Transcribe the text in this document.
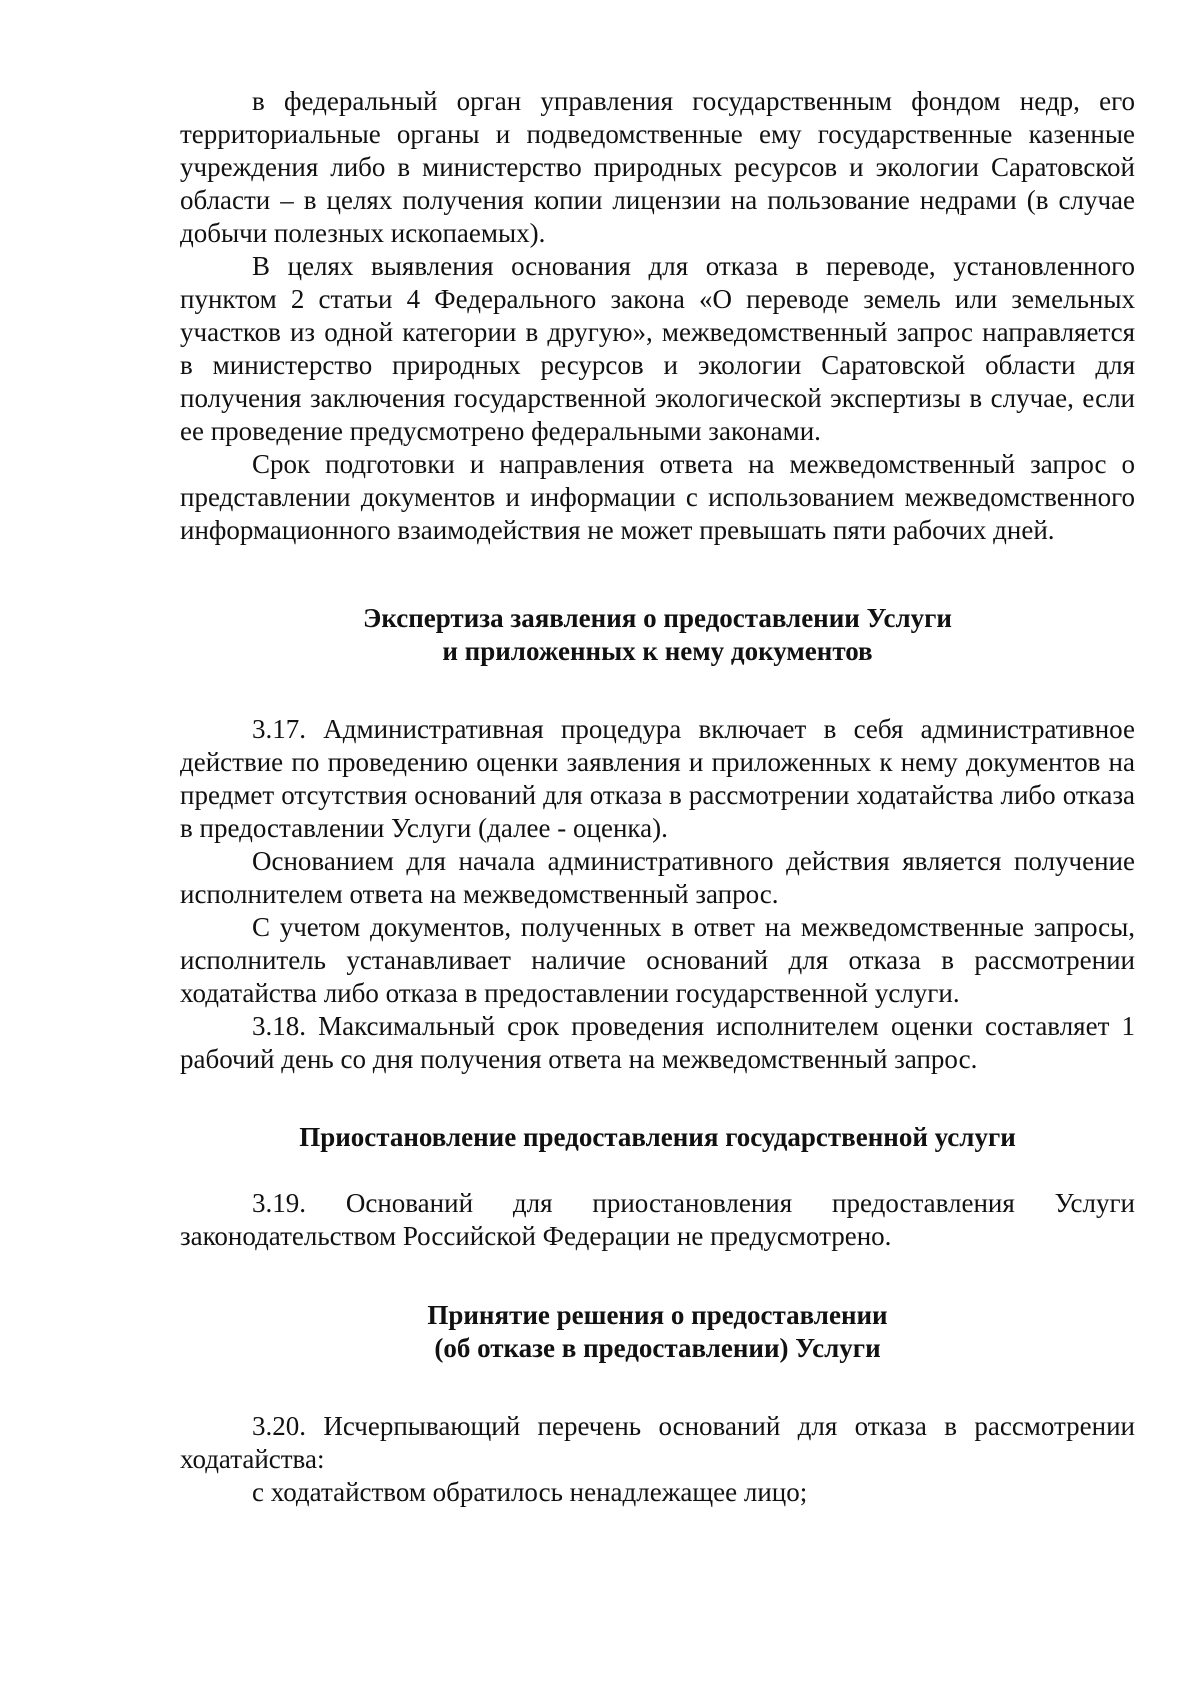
в федеральный орган управления государственным фондом недр, его территориальные органы и подведомственные ему государственные казенные учреждения либо в министерство природных ресурсов и экологии Саратовской области – в целях получения копии лицензии на пользование недрами (в случае добычи полезных ископаемых).

В целях выявления основания для отказа в переводе, установленного пунктом 2 статьи 4 Федерального закона «О переводе земель или земельных участков из одной категории в другую», межведомственный запрос направляется в министерство природных ресурсов и экологии Саратовской области для получения заключения государственной экологической экспертизы в случае, если ее проведение предусмотрено федеральными законами.

Срок подготовки и направления ответа на межведомственный запрос о представлении документов и информации с использованием межведомственного информационного взаимодействия не может превышать пяти рабочих дней.

Экспертиза заявления о предоставлении Услуги
и приложенных к нему документов

3.17. Административная процедура включает в себя административное действие по проведению оценки заявления и приложенных к нему документов на предмет отсутствия оснований для отказа в рассмотрении ходатайства либо отказа в предоставлении Услуги (далее - оценка).

Основанием для начала административного действия является получение исполнителем ответа на межведомственный запрос.

С учетом документов, полученных в ответ на межведомственные запросы, исполнитель устанавливает наличие оснований для отказа в рассмотрении ходатайства либо отказа в предоставлении государственной услуги.

3.18. Максимальный срок проведения исполнителем оценки составляет 1 рабочий день со дня получения ответа на межведомственный запрос.

Приостановление предоставления государственной услуги

3.19. Оснований для приостановления предоставления Услуги законодательством Российской Федерации не предусмотрено.

Принятие решения о предоставлении
(об отказе в предоставлении) Услуги

3.20. Исчерпывающий перечень оснований для отказа в рассмотрении ходатайства:

с ходатайством обратилось ненадлежащее лицо;
